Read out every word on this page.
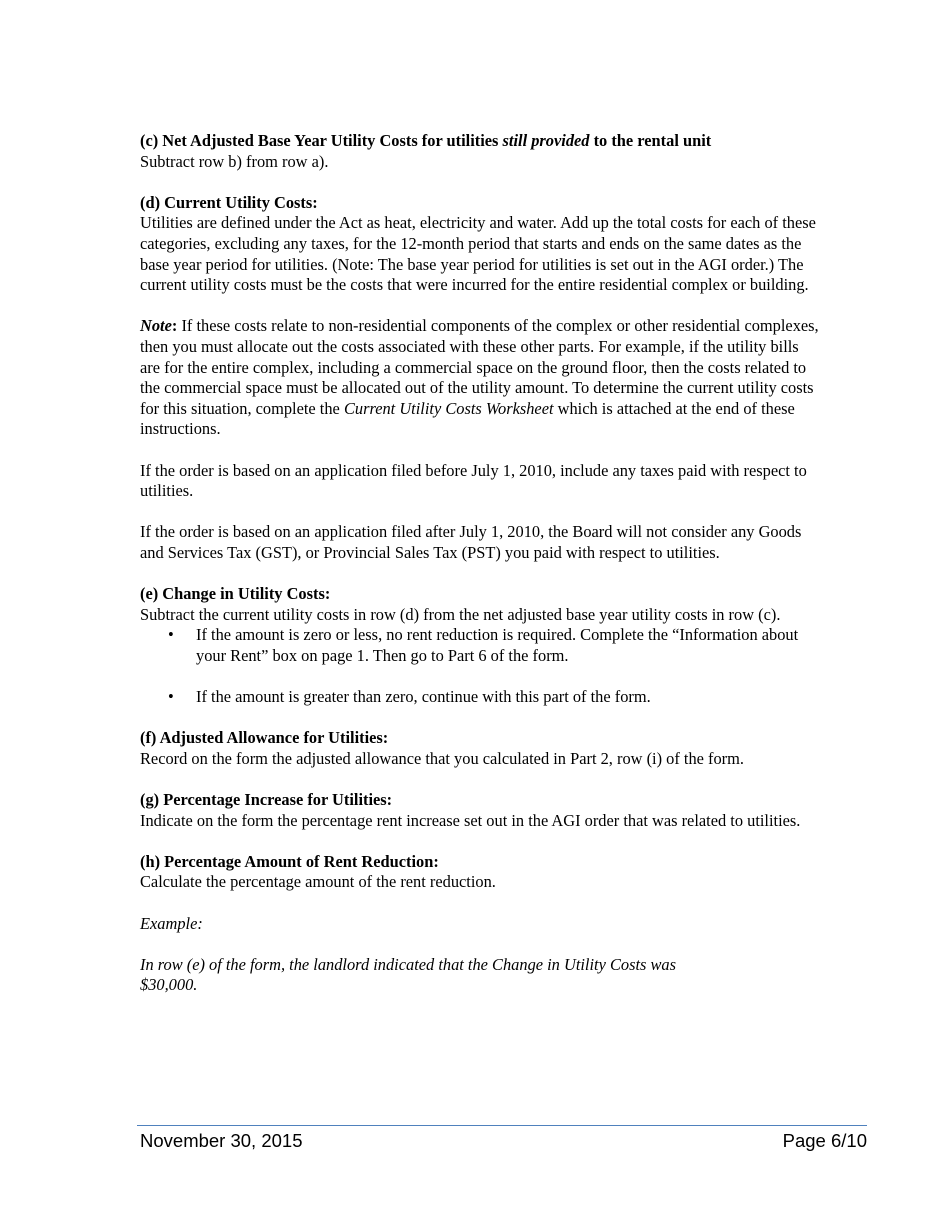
(c) Net Adjusted Base Year Utility Costs for utilities still provided to the rental unit

Subtract row b) from row a).

(d) Current Utility Costs:

Utilities are defined under the Act as heat, electricity and water. Add up the total costs for each of these categories, excluding any taxes, for the 12-month period that starts and ends on the same dates as the base year period for utilities. (Note: The base year period for utilities is set out in the AGI order.) The current utility costs must be the costs that were incurred for the entire residential complex or building.

Note: If these costs relate to non-residential components of the complex or other residential complexes, then you must allocate out the costs associated with these other parts. For example, if the utility bills are for the entire complex, including a commercial space on the ground floor, then the costs related to the commercial space must be allocated out of the utility amount. To determine the current utility costs for this situation, complete the Current Utility Costs Worksheet which is attached at the end of these instructions.

If the order is based on an application filed before July 1, 2010, include any taxes paid with respect to utilities.

If the order is based on an application filed after July 1, 2010, the Board will not consider any Goods and Services Tax (GST), or Provincial Sales Tax (PST) you paid with respect to utilities.

(e) Change in Utility Costs:

Subtract the current utility costs in row (d) from the net adjusted base year utility costs in row (c).

• If the amount is zero or less, no rent reduction is required. Complete the “Information about your Rent” box on page 1. Then go to Part 6 of the form.
• If the amount is greater than zero, continue with this part of the form.

(f) Adjusted Allowance for Utilities:

Record on the form the adjusted allowance that you calculated in Part 2, row (i) of the form.

(g) Percentage Increase for Utilities:

Indicate on the form the percentage rent increase set out in the AGI order that was related to utilities.

(h) Percentage Amount of Rent Reduction:

Calculate the percentage amount of the rent reduction.

Example:

In row (e) of the form, the landlord indicated that the Change in Utility Costs was $30,000.

November 30, 2015	Page 6/10
